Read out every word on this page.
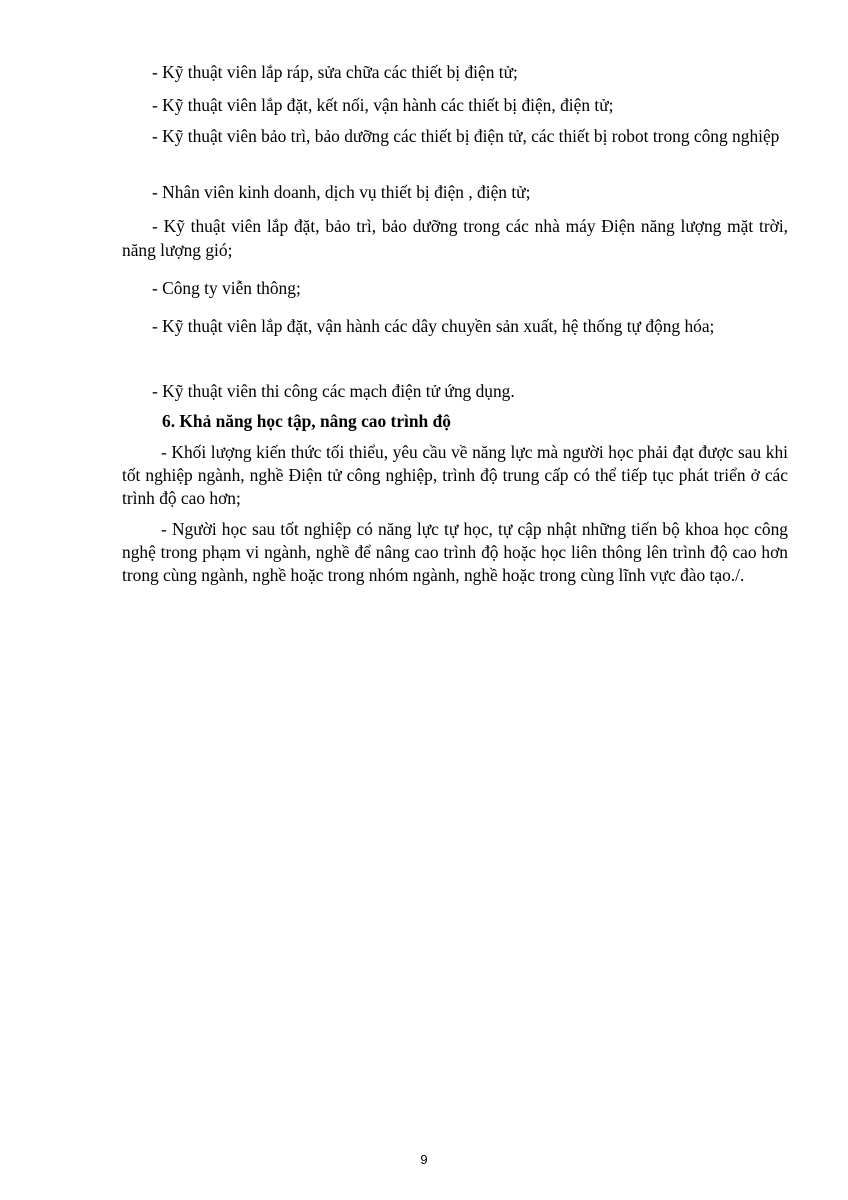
- Kỹ thuật viên lắp ráp, sửa chữa các thiết bị điện tử;
- Kỹ thuật viên lắp đặt, kết nối, vận hành các thiết bị điện, điện tử;
- Kỹ thuật viên bảo trì, bảo dưỡng các thiết bị điện tử, các thiết bị robot trong công nghiệp
- Nhân viên kinh doanh, dịch vụ thiết bị điện , điện tử;
- Kỹ thuật viên lắp đặt, bảo trì, bảo dưỡng trong các nhà máy Điện năng lượng mặt trời, năng lượng gió;
- Công ty viễn thông;
- Kỹ thuật viên lắp đặt, vận hành các dây chuyền sản xuất, hệ thống tự động hóa;
- Kỹ thuật viên thi công các mạch điện tử ứng dụng.
6. Khả năng học tập, nâng cao trình độ
- Khối lượng kiến thức tối thiểu, yêu cầu về năng lực mà người học phải đạt được sau khi tốt nghiệp ngành, nghề Điện tử công nghiệp, trình độ trung cấp có thể tiếp tục phát triển ở các trình độ cao hơn;
- Người học sau tốt nghiệp có năng lực tự học, tự cập nhật những tiến bộ khoa học công nghệ trong phạm vi ngành, nghề để nâng cao trình độ hoặc học liên thông lên trình độ cao hơn trong cùng ngành, nghề hoặc trong nhóm ngành, nghề hoặc trong cùng lĩnh vực đào tạo./.
9
